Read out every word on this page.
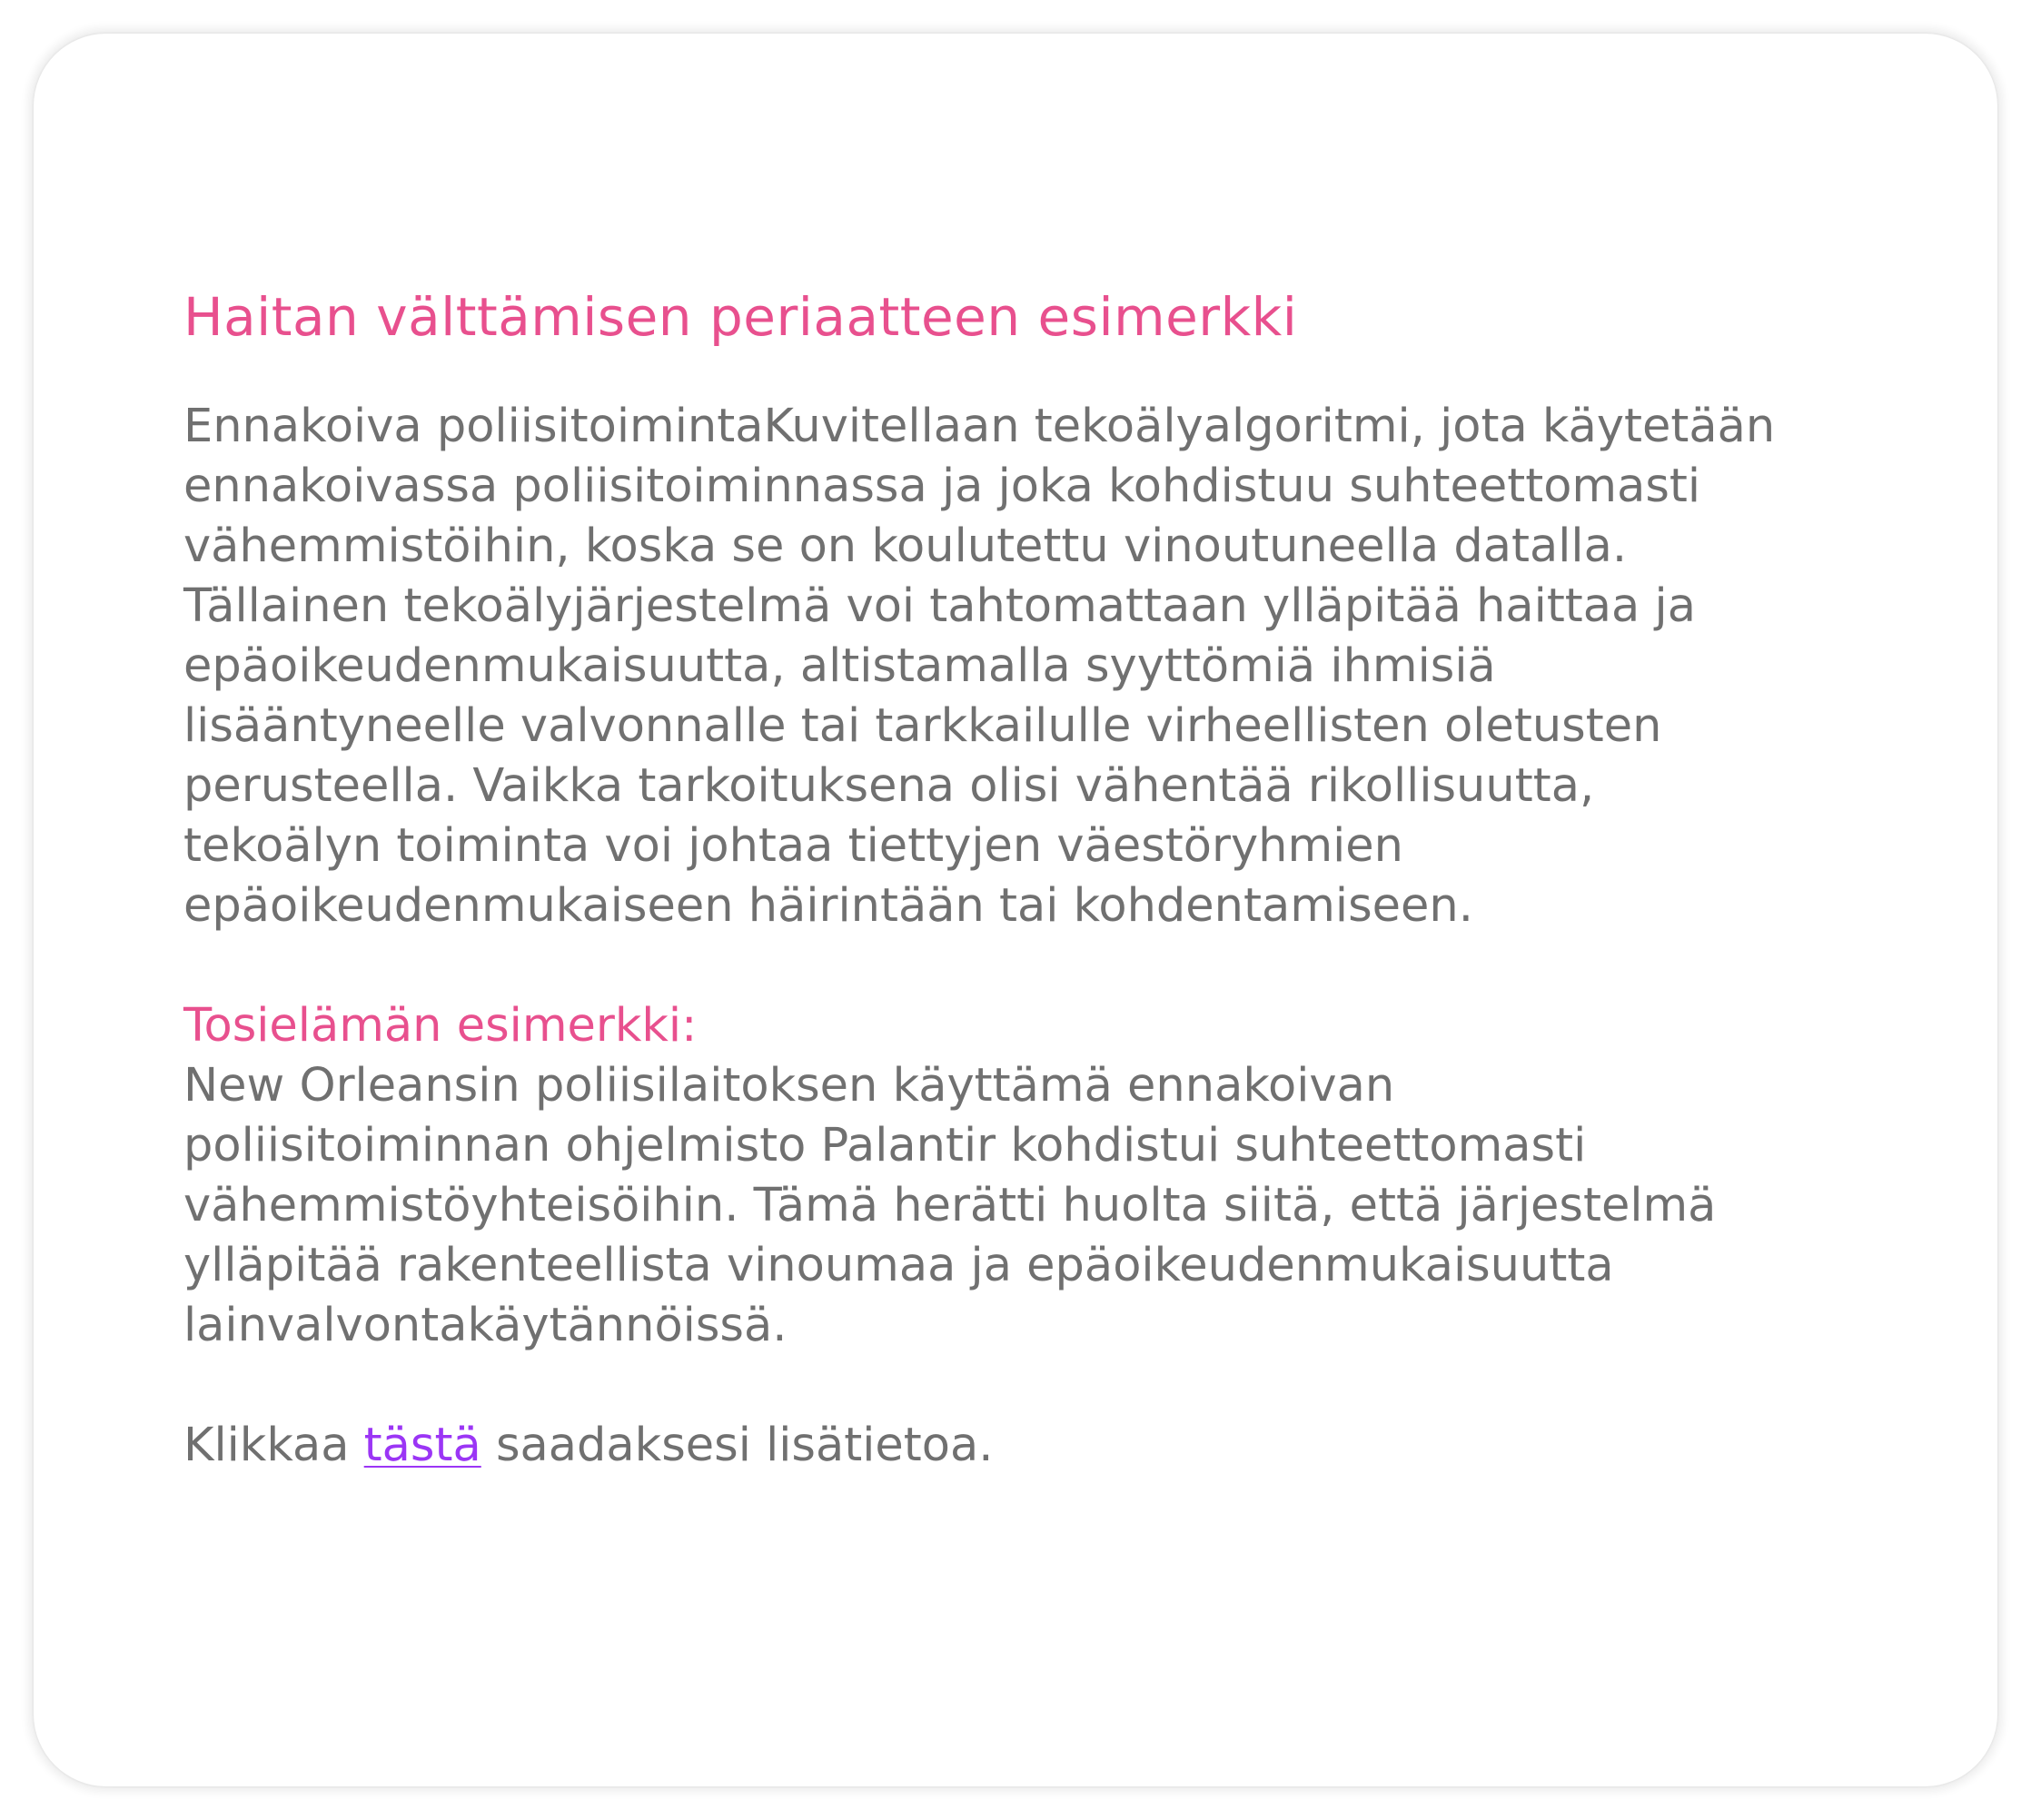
Haitan välttämisen periaatteen esimerkki

Ennakoiva poliisitoimintaKuvitellaan tekoälyalgoritmi, jota käytetään
ennakoivassa poliisitoiminnassa ja joka kohdistuu suhteettomasti
vähemmistöihin, koska se on koulutettu vinoutuneella datalla.
Tällainen tekoälyjärjestelmä voi tahtomattaan ylläpitää haittaa ja
epäoikeudenmukaisuutta, altistamalla syyttömiä ihmisiä
lisääntyneelle valvonnalle tai tarkkailulle virheellisten oletusten
perusteella. Vaikka tarkoituksena olisi vähentää rikollisuutta,
tekoälyn toiminta voi johtaa tiettyjen väestöryhmien
epäoikeudenmukaiseen häirintään tai kohdentamiseen.

Tosielämän esimerkki:

New Orleansin poliisilaitoksen käyttämä ennakoivan
poliisitoiminnan ohjelmisto Palantir kohdistui suhteettomasti
vähemmistöyhteisöihin. Tämä herätti huolta siitä, että järjestelmä
ylläpitää rakenteellista vinoumaa ja epäoikeudenmukaisuutta
lainvalvontakäytännöissä.

Klikkaa tästä saadaksesi lisätietoa.
